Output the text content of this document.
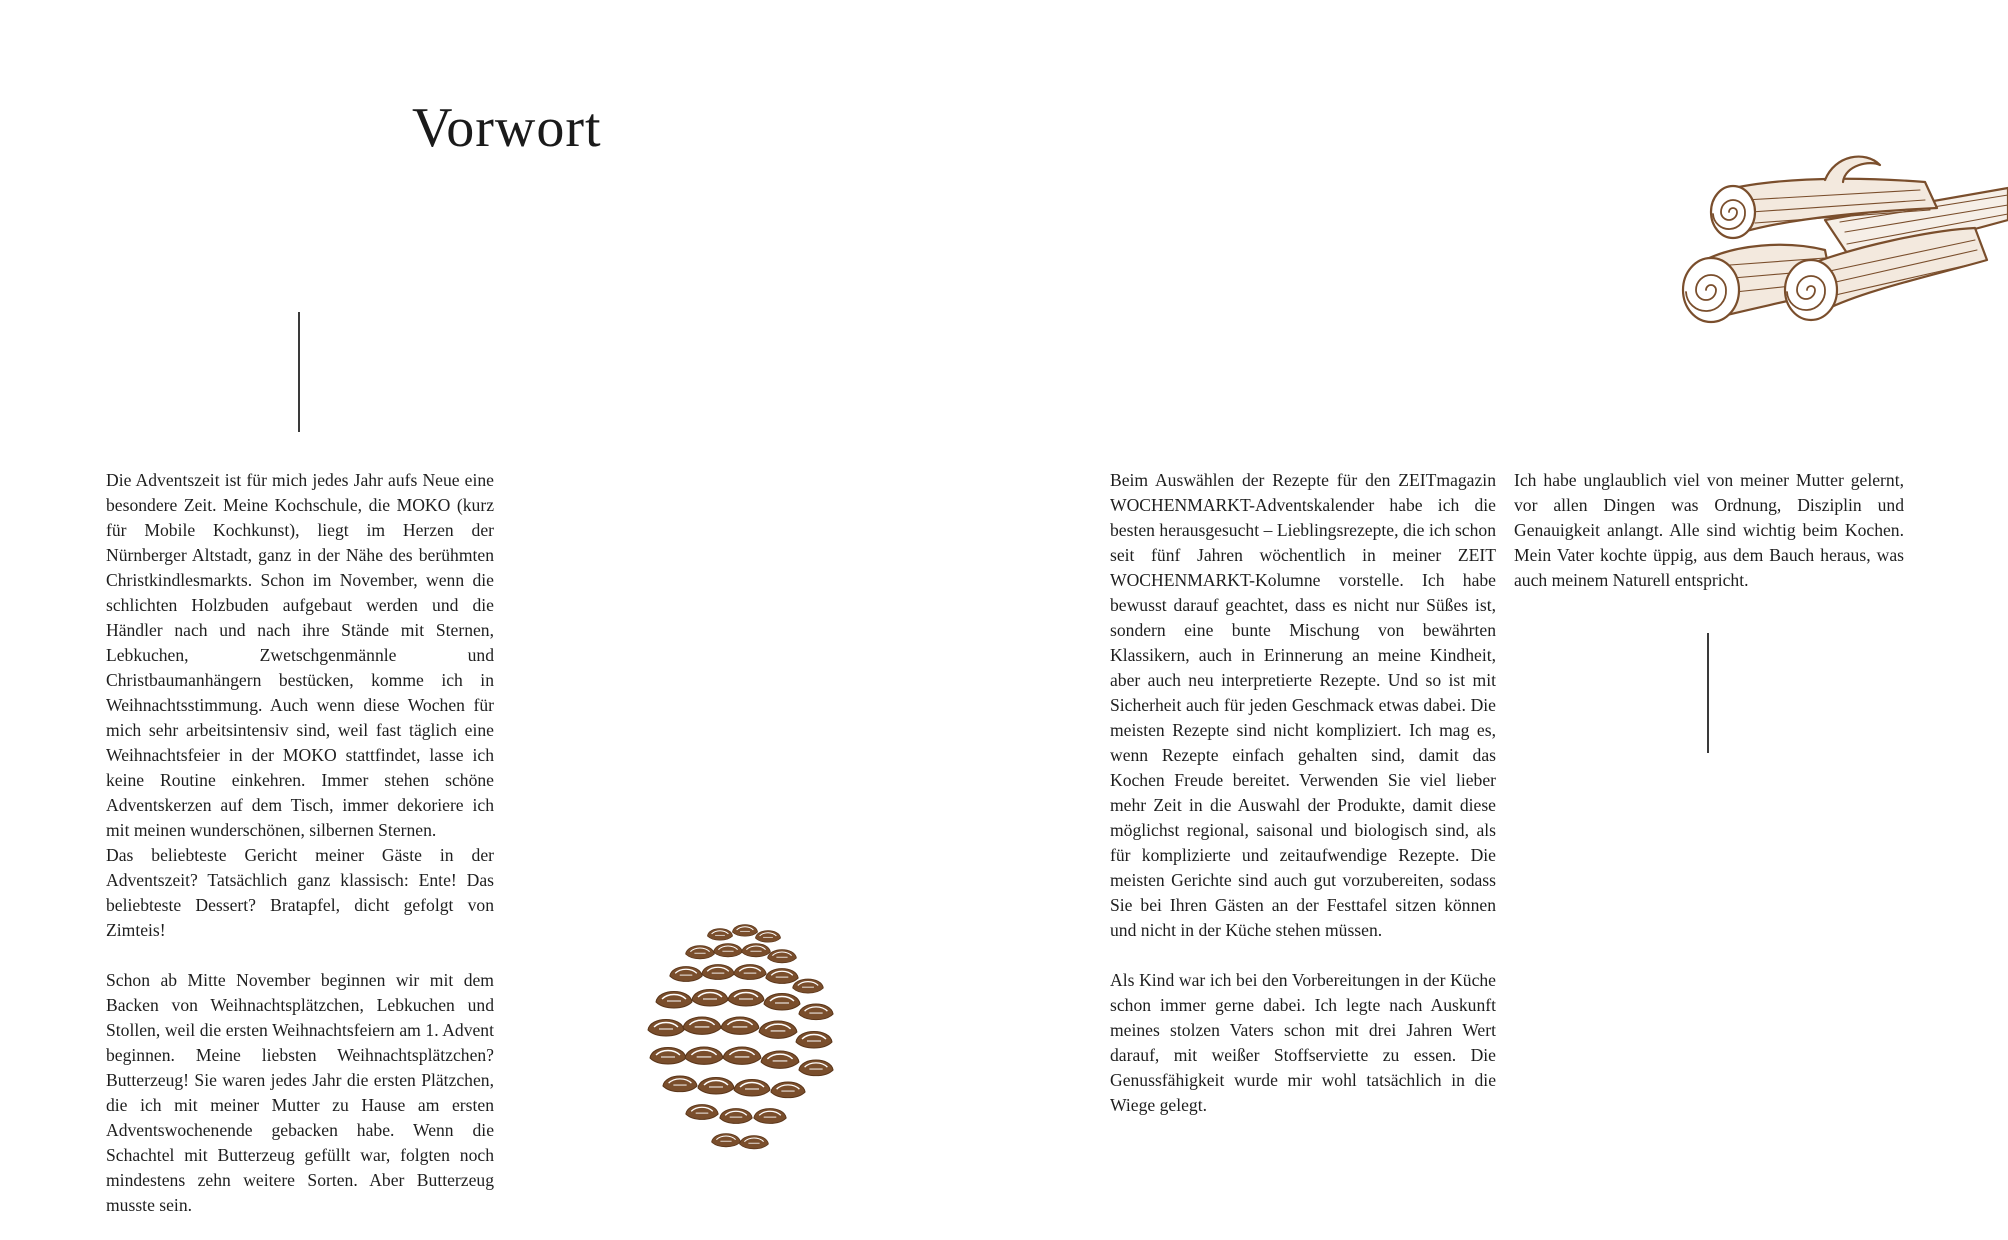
Vorwort

Die Adventszeit ist für mich jedes Jahr aufs Neue eine besondere Zeit. Meine Kochschule, die MOKO (kurz für Mobile Kochkunst), liegt im Herzen der Nürnberger Altstadt, ganz in der Nähe des berühmten Christkindlesmarkts. Schon im November, wenn die schlichten Holzbuden aufgebaut werden und die Händler nach und nach ihre Stände mit Sternen, Lebkuchen, Zwetschgenmännle und Christbaumanhängern bestücken, komme ich in Weihnachtsstimmung. Auch wenn diese Wochen für mich sehr arbeitsintensiv sind, weil fast täglich eine Weihnachtsfeier in der MOKO stattfindet, lasse ich keine Routine einkehren. Immer stehen schöne Adventskerzen auf dem Tisch, immer dekoriere ich mit meinen wunderschönen, silbernen Sternen.

Das beliebteste Gericht meiner Gäste in der Adventszeit? Tatsächlich ganz klassisch: Ente! Das beliebteste Dessert? Bratapfel, dicht gefolgt von Zimteis!

Schon ab Mitte November beginnen wir mit dem Backen von Weihnachtsplätzchen, Lebkuchen und Stollen, weil die ersten Weihnachtsfeiern am 1. Advent beginnen. Meine liebsten Weihnachtsplätzchen? Butterzeug! Sie waren jedes Jahr die ersten Plätzchen, die ich mit meiner Mutter zu Hause am ersten Adventswochenende gebacken habe. Wenn die Schachtel mit Butterzeug gefüllt war, folgten noch mindestens zehn weitere Sorten. Aber Butterzeug musste sein.

Beim Auswählen der Rezepte für den ZEITmagazin WOCHENMARKT-Adventskalender habe ich die besten herausgesucht – Lieblingsrezepte, die ich schon seit fünf Jahren wöchentlich in meiner ZEIT WOCHENMARKT-Kolumne vorstelle. Ich habe bewusst darauf geachtet, dass es nicht nur Süßes ist, sondern eine bunte Mischung von bewährten Klassikern, auch in Erinnerung an meine Kindheit, aber auch neu interpretierte Rezepte. Und so ist mit Sicherheit auch für jeden Geschmack etwas dabei. Die meisten Rezepte sind nicht kompliziert. Ich mag es, wenn Rezepte einfach gehalten sind, damit das Kochen Freude bereitet. Verwenden Sie viel lieber mehr Zeit in die Auswahl der Produkte, damit diese möglichst regional, saisonal und biologisch sind, als für komplizierte und zeitaufwendige Rezepte. Die meisten Gerichte sind auch gut vorzubereiten, sodass Sie bei Ihren Gästen an der Festtafel sitzen können und nicht in der Küche stehen müssen.

Als Kind war ich bei den Vorbereitungen in der Küche schon immer gerne dabei. Ich legte nach Auskunft meines stolzen Vaters schon mit drei Jahren Wert darauf, mit weißer Stoffserviette zu essen. Die Genussfähigkeit wurde mir wohl tatsächlich in die Wiege gelegt.

Ich habe unglaublich viel von meiner Mutter gelernt, vor allen Dingen was Ordnung, Disziplin und Genauigkeit anlangt. Alle sind wichtig beim Kochen. Mein Vater kochte üppig, aus dem Bauch heraus, was auch meinem Naturell entspricht.
